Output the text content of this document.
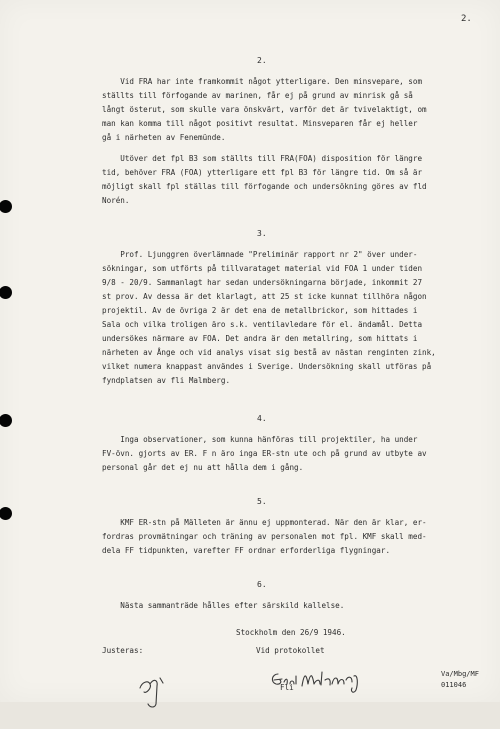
2.
2.
Vid FRA har inte framkommit något ytterligare. Den minsvepare, som
ställts till förfogande av marinen, får ej på grund av minrisk gå så
långt österut, som skulle vara önskvärt, varför det är tvivelaktigt, om
man kan komma till något positivt resultat. Minsveparen får ej heller
gå i närheten av Fenemünde.
Utöver det fpl B3 som ställts till FRA(FOA) disposition för längre
tid, behöver FRA (FOA) ytterligare ett fpl B3 för längre tid. Om så är
möjligt skall fpl ställas till förfogande och undersökning göres av fld
Norén.
3.
Prof. Ljunggren överlämnade "Preliminär rapport nr 2" över under-
sökningar, som utförts på tillvarataget material vid FOA 1 under tiden
9/8 - 20/9. Sammanlagt har sedan undersökningarna började, inkommit 27
st prov. Av dessa är det klarlagt, att 25 st icke kunnat tillhöra någon
projektil. Av de övriga 2 är det ena de metallbrickor, som hittades i
Sala och vilka troligen äro s.k. ventilavledare för el. ändamål. Detta
undersökes närmare av FOA. Det andra är den metallring, som hittats i
närheten av Ånge och vid analys visat sig bestå av nästan renginten zink,
vilket numera knappast användes i Sverige. Undersökning skall utföras på
fyndplatsen av fli Malmberg.
4.
Inga observationer, som kunna hänföras till projektiler, ha under
FV-övn. gjorts av ER. F n äro inga ER-stn ute och på grund av utbyte av
personal går det ej nu att hålla dem i gång.
5.
KMF ER-stn på Mälleten är ännu ej uppmonterad. När den är klar, er-
fordras provmätningar och träning av personalen mot fpl. KMF skall med-
dela FF tidpunkten, varefter FF ordnar erforderliga flygningar.
6.
Nästa sammanträde hålles efter särskild kallelse.
Stockholm den 26/9 1946.
Justeras:	Vid protokollet

Fli
Va/Mbg/MF
011046
